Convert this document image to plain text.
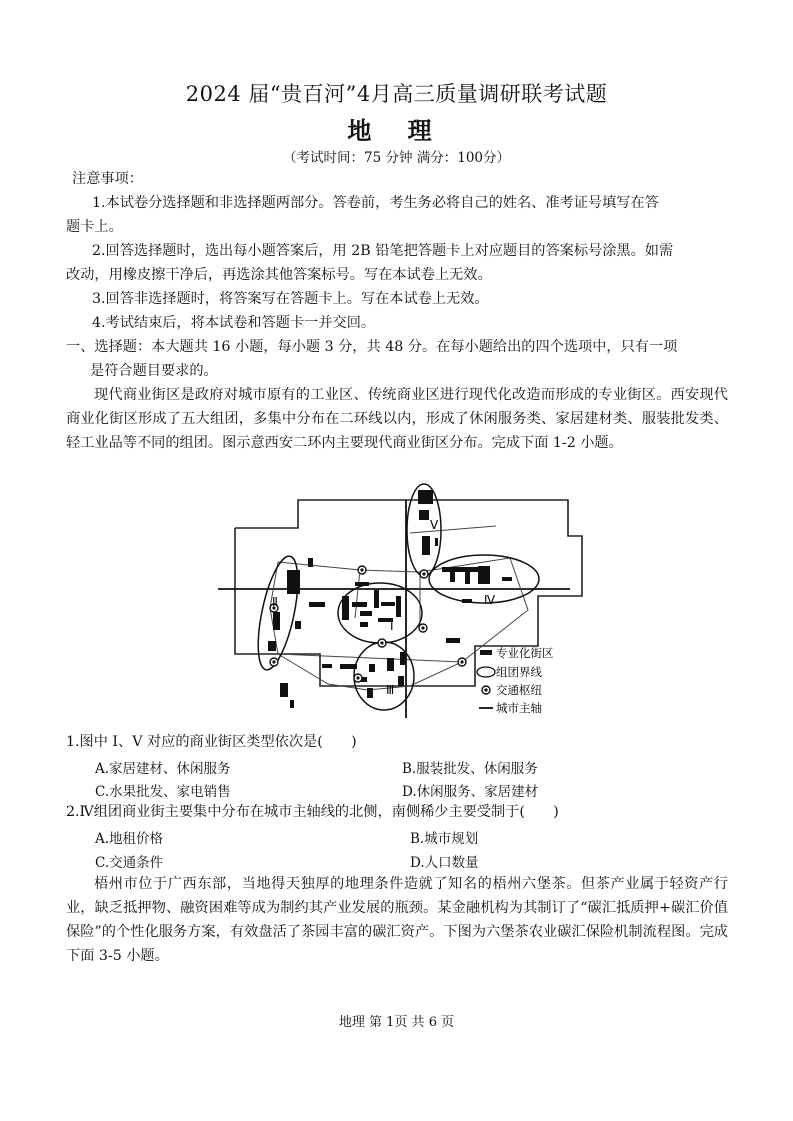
2024 届“贵百河”4月高三质量调研联考试题
地 理
（考试时间：75 分钟 满分：100分）
注意事项：
1.本试卷分选择题和非选择题两部分。答卷前，考生务必将自己的姓名、准考证号填写在答
题卡上。
2.回答选择题时，选出每小题答案后，用 2B 铅笔把答题卡上对应题目的答案标号涂黑。如需
改动，用橡皮擦干净后，再选涂其他答案标号。写在本试卷上无效。
3.回答非选择题时，将答案写在答题卡上。写在本试卷上无效。
4.考试结束后，将本试卷和答题卡一并交回。
一、选择题：本大题共 16 小题，每小题 3 分，共 48 分。在每小题给出的四个选项中，只有一项
是符合题目要求的。
现代商业街区是政府对城市原有的工业区、传统商业区进行现代化改造而形成的专业街区。西安现代商业化街区形成了五大组团，多集中分布在二环线以内，形成了休闲服务类、家居建材类、服装批发类、轻工业品等不同的组团。图示意西安二环内主要现代商业街区分布。完成下面 1-2 小题。
Ⅱ
Ⅰ
Ⅲ
Ⅳ
Ⅴ
专业化街区
组团界线
交通枢纽
城市主轴
1.图中 Ⅰ、Ⅴ 对应的商业街区类型依次是(　　)
A.家居建材、休闲服务	B.服装批发、休闲服务
C.水果批发、家电销售	D.休闲服务、家居建材
2.Ⅳ组团商业街主要集中分布在城市主轴线的北侧，南侧稀少主要受制于(　　)
A.地租价格	B.城市规划
C.交通条件	D.人口数量
梧州市位于广西东部，当地得天独厚的地理条件造就了知名的梧州六堡茶。但茶产业属于轻资产行业，缺乏抵押物、融资困难等成为制约其产业发展的瓶颈。某金融机构为其制订了“碳汇抵质押+碳汇价值保险”的个性化服务方案，有效盘活了茶园丰富的碳汇资产。下图为六堡茶农业碳汇保险机制流程图。完成下面 3-5 小题。
地理 第 1页 共 6 页
